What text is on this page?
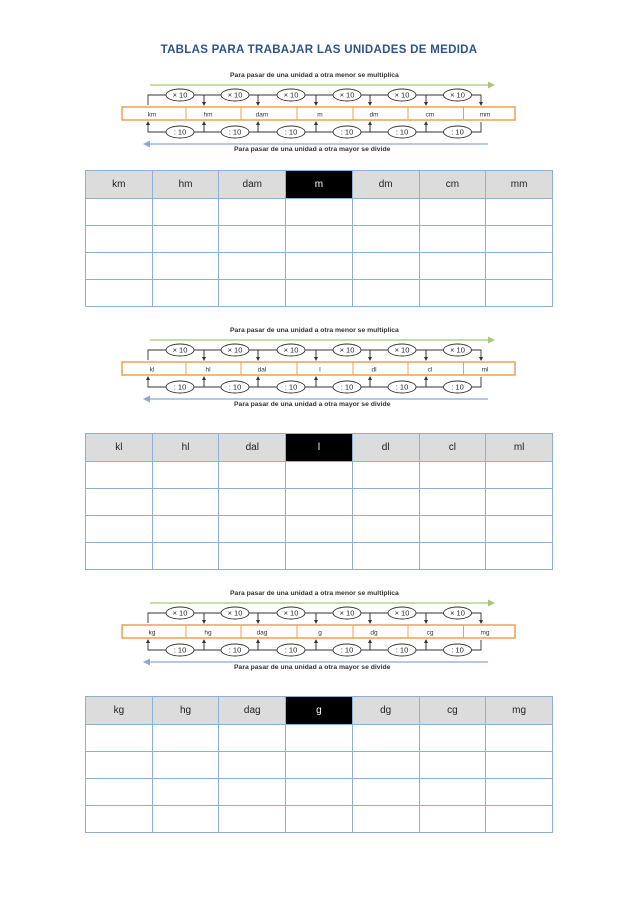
TABLAS PARA TRABAJAR LAS UNIDADES DE MEDIDA
Para pasar de una unidad a otra menor se multiplica
Para pasar de una unidad a otra mayor se divide
km	hm	dam	m	dm	cm	mm
× 10
: 10
× 10
: 10
× 10
: 10
× 10
: 10
× 10
: 10
× 10
: 10
km	hm	dam	m	dm	cm	mm

Para pasar de una unidad a otra menor se multiplica
Para pasar de una unidad a otra mayor se divide
kl	hl	dal	l	dl	cl	ml
× 10
: 10
× 10
: 10
× 10
: 10
× 10
: 10
× 10
: 10
× 10
: 10
kl	hl	dal	l	dl	cl	ml

Para pasar de una unidad a otra menor se multiplica
Para pasar de una unidad a otra mayor se divide
kg	hg	dag	g	dg	cg	mg
× 10
: 10
× 10
: 10
× 10
: 10
× 10
: 10
× 10
: 10
× 10
: 10
kg	hg	dag	g	dg	cg	mg
